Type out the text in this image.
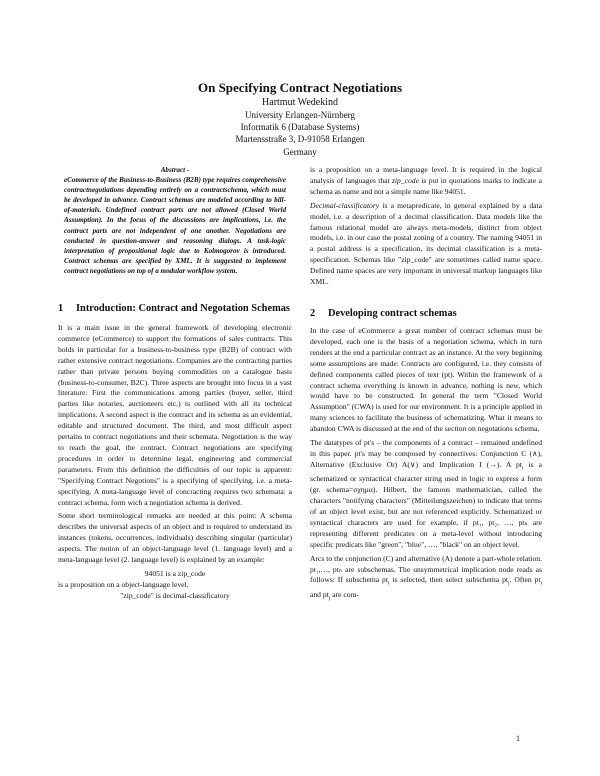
On Specifying Contract Negotiations
Hartmut Wedekind
University Erlangen-Nürnberg
Informatik 6 (Database Systems)
Martensstraße 3, D-91058 Erlangen
Germany
Abstract -
eCommerce of the Business-to-Business (B2B) type requires comprehensive contractnegotiations depending entirely on a contractschema, which must be developed in advance. Contract schemas are modeled according to bill-of-materials. Undefined contract parts are not allowed (Closed World Assumption). In the focus of the discussions are implications, i.e. the contract parts are not independent of one another. Negotiations are conducted in question-answer and reasoning dialogs. A task-logic interpretation of propositional logic due to Kolmogorov is introduced. Contract schemas are specified by XML. It is suggested to implement contract negotiations on top of a modular workflow system.
1	Introduction: Contract and Negotation Schemas

It is a main issue in the general framework of developing electronic commerce (eCommerce) to support the formations of sales contracts. This holds in particular for a business-to-business type (B2B) of contract with rather extensive contract negotiations. Companies are the contracting parties rather than private persons buying commodities on a catalogue basis (business-to-consumer, B2C). Three aspects are brought into focus in a vast literature: First the communications among parties (buyer, seller, third parties like notaries, auctioneers etc.) is outlined with all its technical implications. A second aspect is the contract and its schema as an evidential, editable and structured document. The third, and most difficult aspect pertains to contract negotiations and their schemata. Negotiation is the way to reach the goal, the contract. Contract negotiations are specifying procedures in order to determine legal, engineering and commercial parameters. From this definition the difficulties of our topic is apparent: "Specifying Contract Negotions" is a specifying of specifying, i.e. a meta-specifying. A meta-language level of concracting requires two schemata: a contract schema, form wich a negotiation schema is derived.

Some short terminological remarks are needed at this point: A schema describes the universal aspects of an object and is required to understand its instances (tokens, occurrences, individuals) describing singular (particular) aspects. The notion of an object-language level (1. language level) and a meta-language level (2. language level) is explained by an example:

94051 is a zip_code

is a proposition on a object-language level.

"zip_code" is decimal-classificatory

is a proposition on a meta-language level. It is required in the logical analysis of languages that zip_code is put in quotations marks to indicate a schema as name and not a simple name like 94051.

Decimal-classificatory is a metapredicate, in general explained by a data model, i.e. a description of a decimal classification. Data models like the famous relational model are always meta-models, distinct from object models, i.e. in our case the postal zoning of a country. The naming 94051 in a postal address is a specification, its decimal classification is a meta-specification. Schemas like "zip_code" are sometimes called name space. Defined name spaces are very important in universal markup languages like XML.

2	Developing contract schemas

In the case of eCommerce a great number of contract schemas must be developed, each one is the basis of a negotiation schema, which in turn renders at the end a particular contract as an instance. At the very beginning some assumptions are made: Contracts are configured, i.e. they consists of defined components called pieces of text (pt). Within the framework of a contract schema everything is known in advance, nothing is new, which would have to be constructed. In general the term "Closed World Assumption" (CWA) is used for our environment. It is a principle applied in many sciences to facilitate the business of schematizing. What it means to abandon CWA is discussed at the end of the section on negotations schema.

The datatypes of pt's – the components of a contract – remained undefined in this paper. pt's may be composed by connectives: Conjunction C (∧), Alternative (Exclusive Or) A(∨) and Implication I (→). A $pt_i$ is a schematized or syntactical character string used in logic to express a form (gr. schema=σχημα). Hilbert, the famous mathematician, called the characters "notifying characters" (Mitteilungszeichen) to indicate that terms of an object level exist, but are not referenced explicitly. Schematized or syntactical characters are used for example, if pt₁, pt₂, …, ptₙ are representing different predicates on a meta-level without introducing specific predicats like "green", "blue", …, "black" on an object level.

Arcs to the conjunction (C) and alternative (A) denote a part-whole relation. pt₁,…, ptₙ are subschemas. The unsymmetrical implication node reads as follows: If subschema $pt_i$ is selected, then select subschema $pt_j$. Often $pt_i$ and $pt_j$ are com-

1
